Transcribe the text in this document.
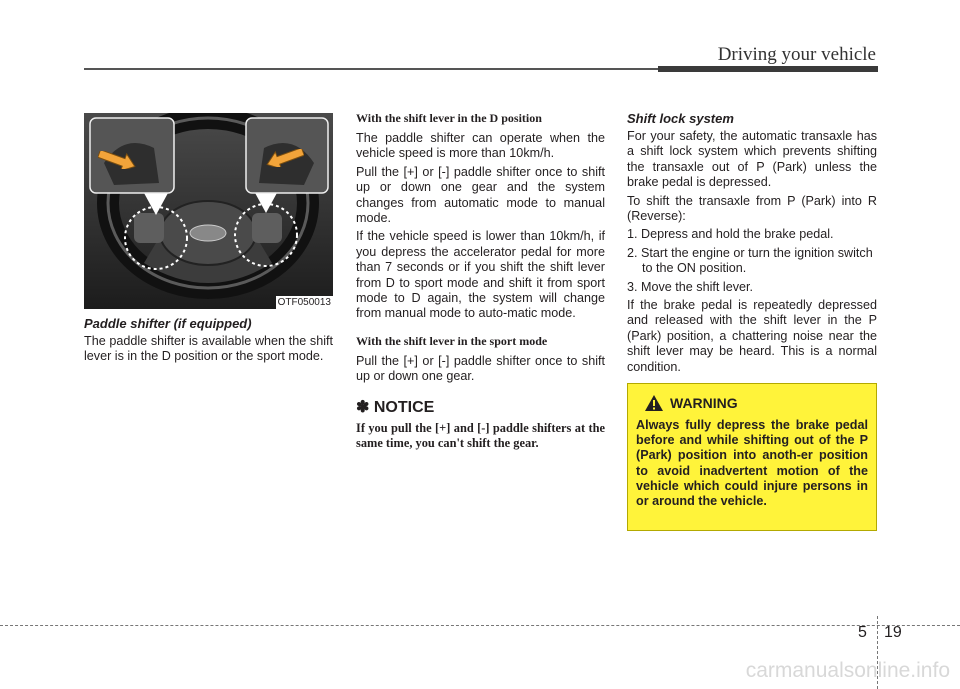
Driving your vehicle
OTF050013
Paddle shifter (if equipped)

The paddle shifter is available when the shift lever is in the D position or the sport mode.

With the shift lever in the D position

The paddle shifter can operate when the vehicle speed is more than 10km/h.

Pull the [+] or [-] paddle shifter once to shift up or down one gear and the system changes from automatic mode to manual mode.

If the vehicle speed is lower than 10km/h, if you depress the accelerator pedal for more than 7 seconds or if you shift the shift lever from D to sport mode and shift it from sport mode to D again, the system will change from manual mode to auto-matic mode.

With the shift lever in the sport mode

Pull the [+] or [-] paddle shifter once to shift up or down one gear.

✽ NOTICE
If you pull the [+] and [-] paddle shifters at the same time, you can't shift the gear.
Shift lock system

For your safety, the automatic transaxle has a shift lock system which prevents shifting the transaxle out of P (Park) unless the brake pedal is depressed.

To shift the transaxle from P (Park) into R (Reverse):

1. Depress and hold the brake pedal.
2. Start the engine or turn the ignition switch to the ON position.
3. Move the shift lever.

If the brake pedal is repeatedly depressed and released with the shift lever in the P (Park) position, a chattering noise near the shift lever may be heard. This is a normal condition.

WARNING
Always fully depress the brake pedal before and while shifting out of the P (Park) position into anoth-er position to avoid inadvertent motion of the vehicle which could injure persons in or around the vehicle.
5 19
carmanualsonline.info
